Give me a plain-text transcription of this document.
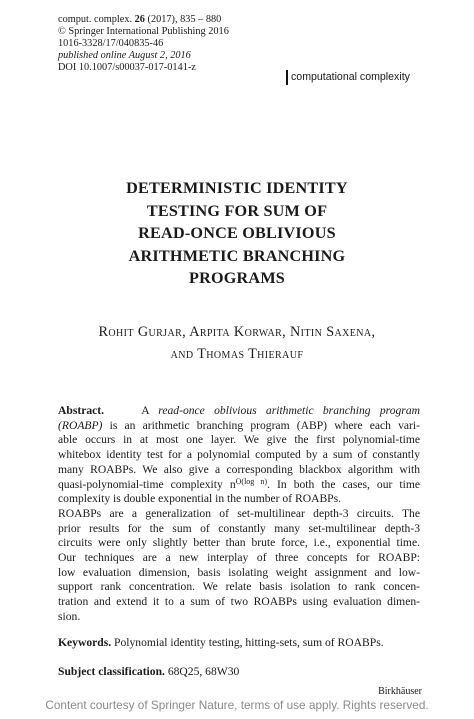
comput. complex. 26 (2017), 835 – 880
© Springer International Publishing 2016
1016-3328/17/040835-46
published online August 2, 2016
DOI 10.1007/s00037-017-0141-z
computational complexity
DETERMINISTIC IDENTITY
TESTING FOR SUM OF
READ-ONCE OBLIVIOUS
ARITHMETIC BRANCHING
PROGRAMS
Rohit Gurjar, Arpita Korwar, Nitin Saxena,
and Thomas Thierauf
Abstract.	A read-once oblivious arithmetic branching program
(ROABP) is an arithmetic branching program (ABP) where each vari-
able occurs in at most one layer. We give the first polynomial-time
whitebox identity test for a polynomial computed by a sum of constantly
many ROABPs. We also give a corresponding blackbox algorithm with
quasi-polynomial-time complexity $n^{O(log n)}$. In both the cases, our time
complexity is double exponential in the number of ROABPs.
ROABPs are a generalization of set-multilinear depth-3 circuits. The
prior results for the sum of constantly many set-multilinear depth-3
circuits were only slightly better than brute force, i.e., exponential time.
Our techniques are a new interplay of three concepts for ROABP:
low evaluation dimension, basis isolating weight assignment and low-
support rank concentration. We relate basis isolation to rank concen-
tration and extend it to a sum of two ROABPs using evaluation dimen-
sion.
Keywords. Polynomial identity testing, hitting-sets, sum of ROABPs.
Subject classification. 68Q25, 68W30
Birkhäuser
Content courtesy of Springer Nature, terms of use apply. Rights reserved.
